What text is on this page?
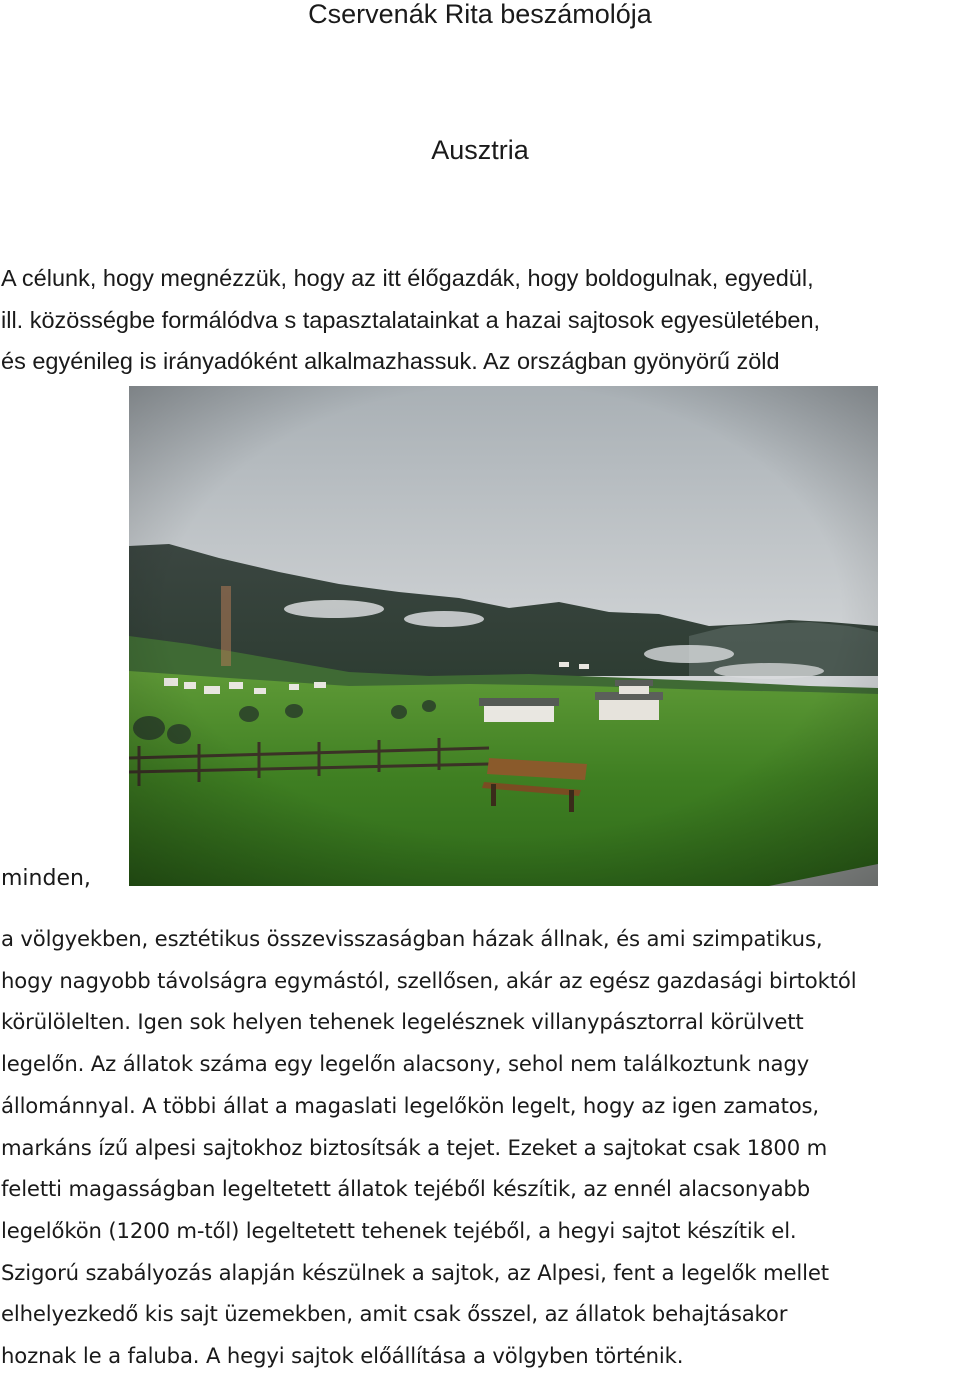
Cservenák Rita beszámolója
Ausztria

A célunk, hogy megnézzük, hogy az itt élőgazdák, hogy boldogulnak, egyedül,
ill. közösségbe formálódva s tapasztalatainkat a hazai sajtosok egyesületében,
és egyénileg is irányadóként alkalmazhassuk. Az országban gyönyörű zöld

minden,

a völgyekben, esztétikus összevisszaságban házak állnak, és ami szimpatikus,
hogy nagyobb távolságra egymástól, szellősen, akár az egész gazdasági birtoktól
körülölelten. Igen sok helyen tehenek legelésznek villanypásztorral körülvett
legelőn. Az állatok száma egy legelőn alacsony, sehol nem találkoztunk nagy
állománnyal. A többi állat a magaslati legelőkön legelt, hogy az igen zamatos,
markáns ízű alpesi sajtokhoz biztosítsák a tejet. Ezeket a sajtokat csak 1800 m
feletti magasságban legeltetett állatok tejéből készítik, az ennél alacsonyabb
legelőkön (1200 m-től) legeltetett tehenek tejéből, a hegyi sajtot készítik el.
Szigorú szabályozás alapján készülnek a sajtok, az Alpesi, fent a legelők mellet
elhelyezkedő kis sajt üzemekben, amit csak ősszel, az állatok behajtásakor
hoznak le a faluba. A hegyi sajtok előállítása a völgyben történik.
